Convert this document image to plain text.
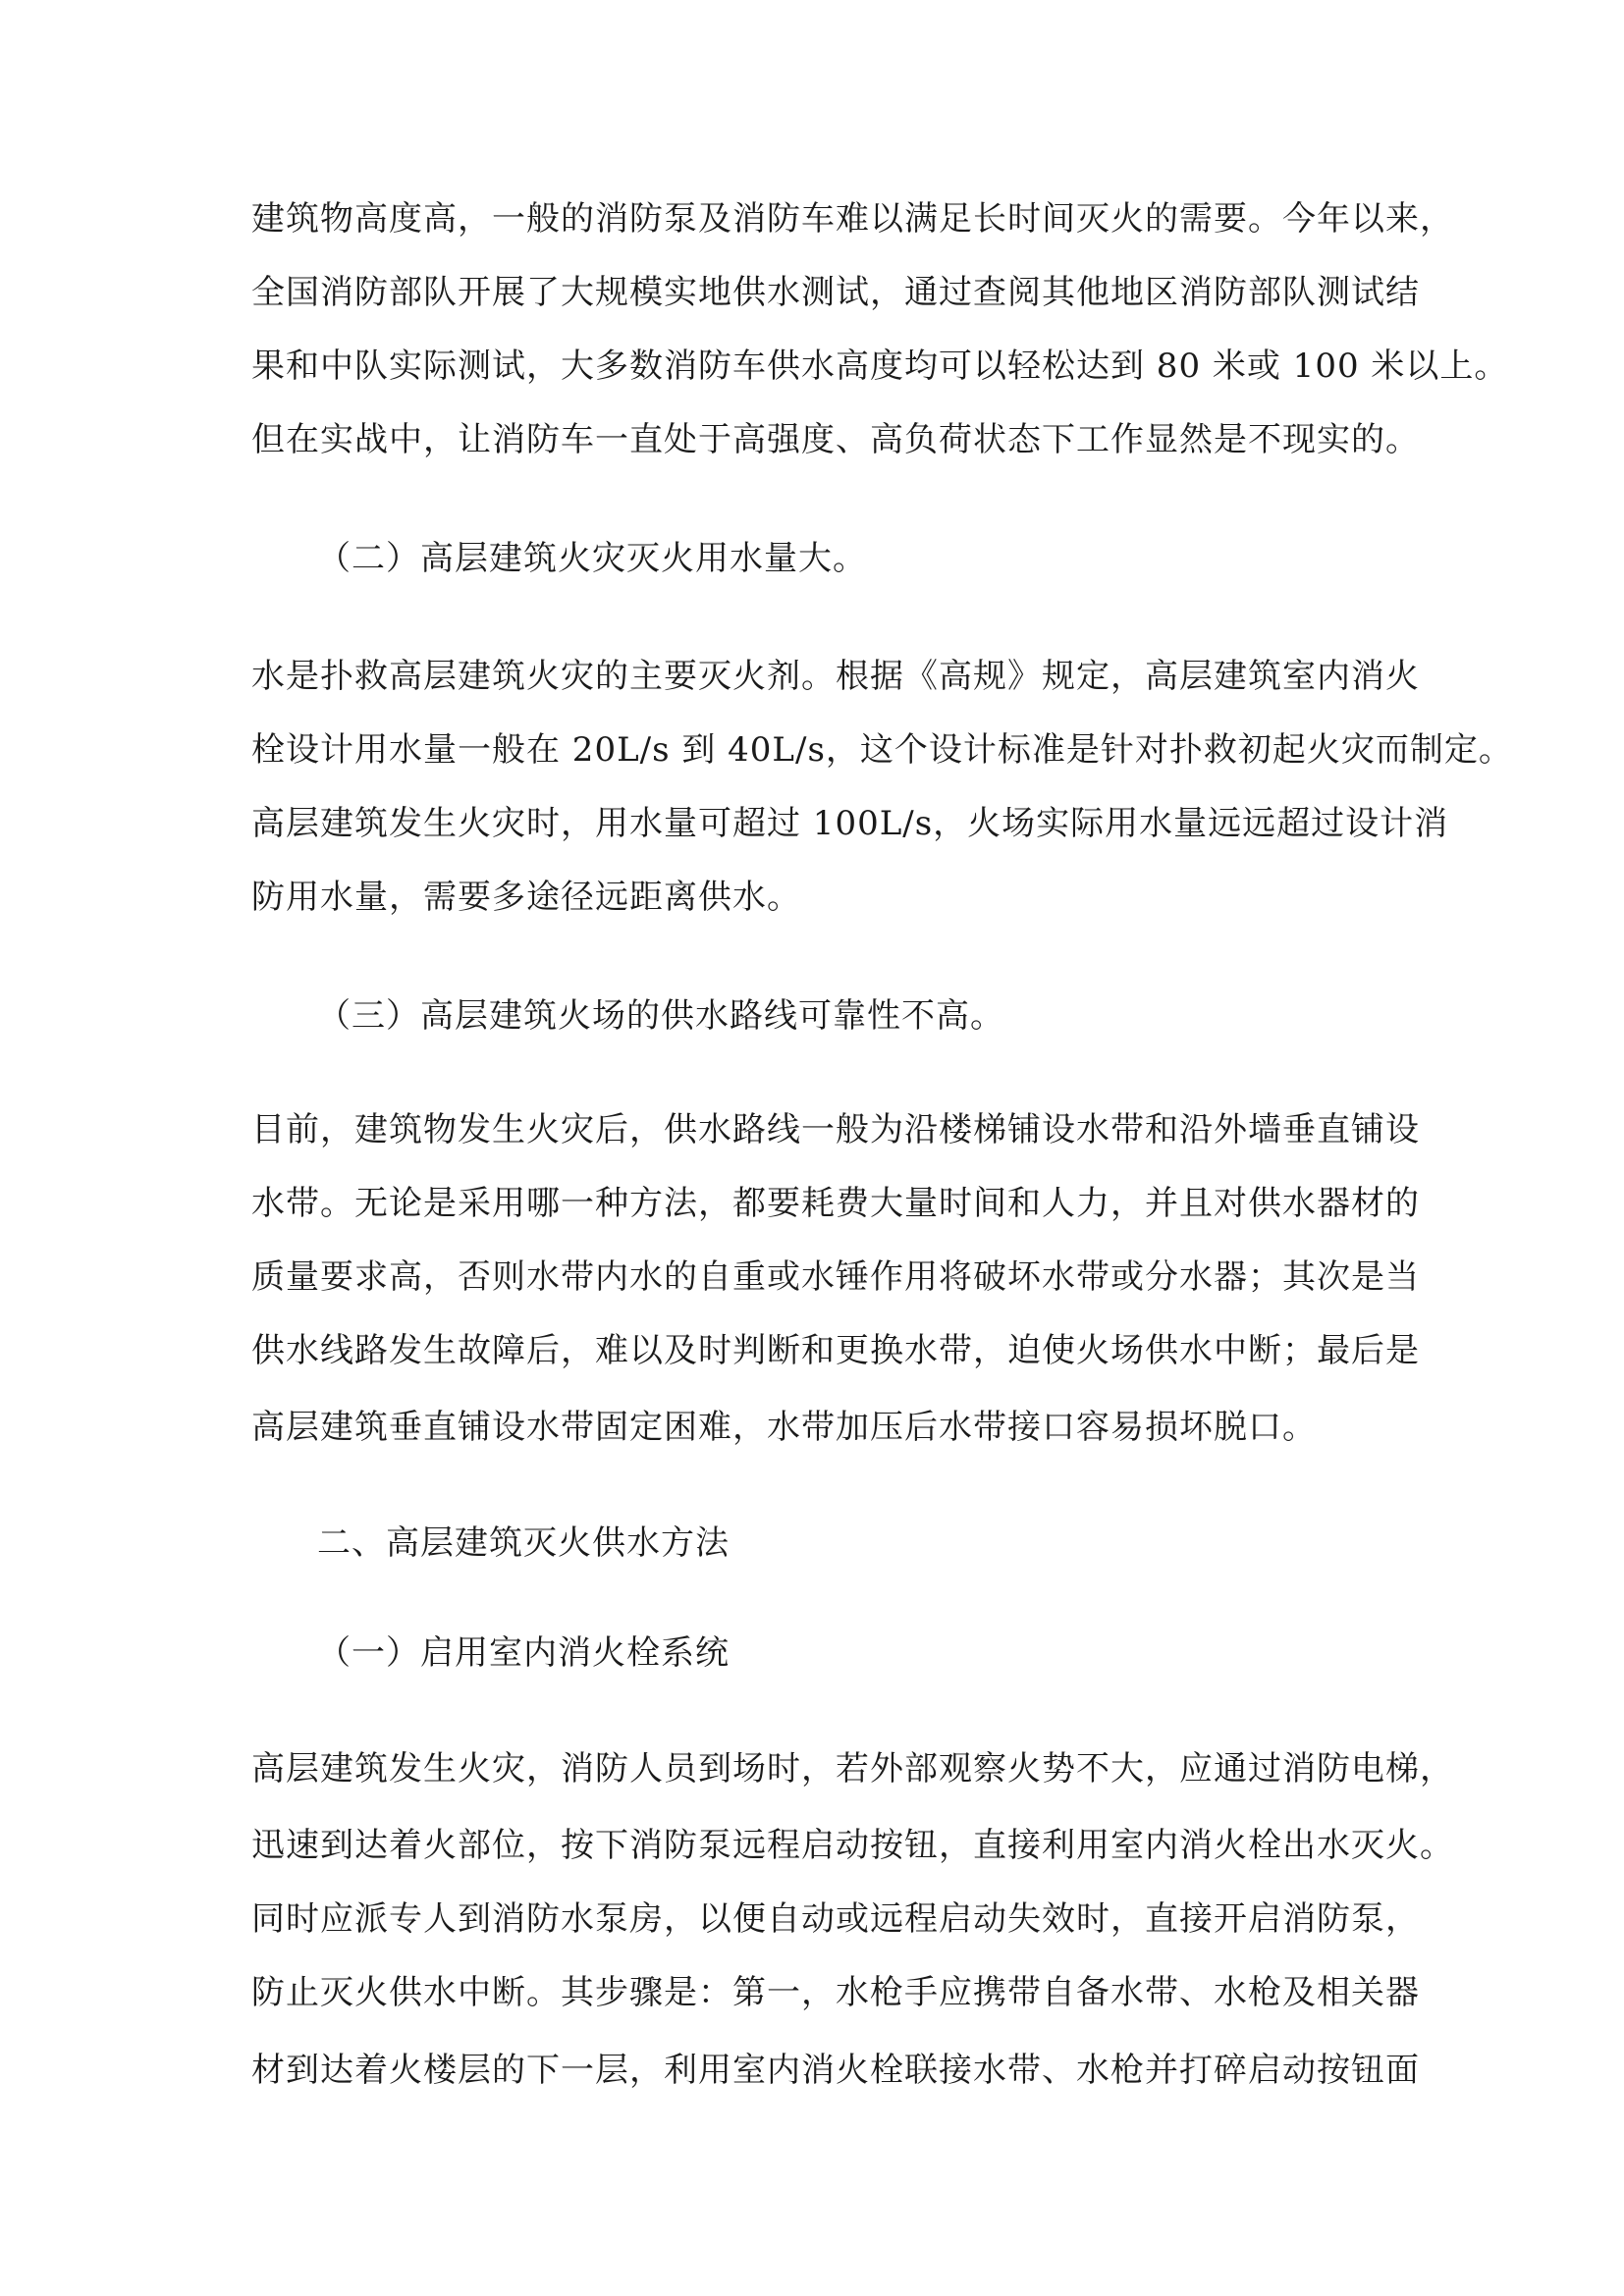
建筑物高度高，一般的消防泵及消防车难以满足长时间灭火的需要。今年以来，
全国消防部队开展了大规模实地供水测试，通过查阅其他地区消防部队测试结
果和中队实际测试，大多数消防车供水高度均可以轻松达到 80 米或 100 米以上。
但在实战中，让消防车一直处于高强度、高负荷状态下工作显然是不现实的。
（二）高层建筑火灾灭火用水量大。
水是扑救高层建筑火灾的主要灭火剂。根据《高规》规定，高层建筑室内消火
栓设计用水量一般在 20L/s 到 40L/s，这个设计标准是针对扑救初起火灾而制定。
高层建筑发生火灾时，用水量可超过 100L/s，火场实际用水量远远超过设计消
防用水量，需要多途径远距离供水。
（三）高层建筑火场的供水路线可靠性不高。
目前，建筑物发生火灾后，供水路线一般为沿楼梯铺设水带和沿外墙垂直铺设
水带。无论是采用哪一种方法，都要耗费大量时间和人力，并且对供水器材的
质量要求高，否则水带内水的自重或水锤作用将破坏水带或分水器；其次是当
供水线路发生故障后，难以及时判断和更换水带，迫使火场供水中断；最后是
高层建筑垂直铺设水带固定困难，水带加压后水带接口容易损坏脱口。
二、高层建筑灭火供水方法
（一）启用室内消火栓系统
高层建筑发生火灾，消防人员到场时，若外部观察火势不大，应通过消防电梯，
迅速到达着火部位，按下消防泵远程启动按钮，直接利用室内消火栓出水灭火。
同时应派专人到消防水泵房，以便自动或远程启动失效时，直接开启消防泵，
防止灭火供水中断。其步骤是：第一，水枪手应携带自备水带、水枪及相关器
材到达着火楼层的下一层，利用室内消火栓联接水带、水枪并打碎启动按钮面
